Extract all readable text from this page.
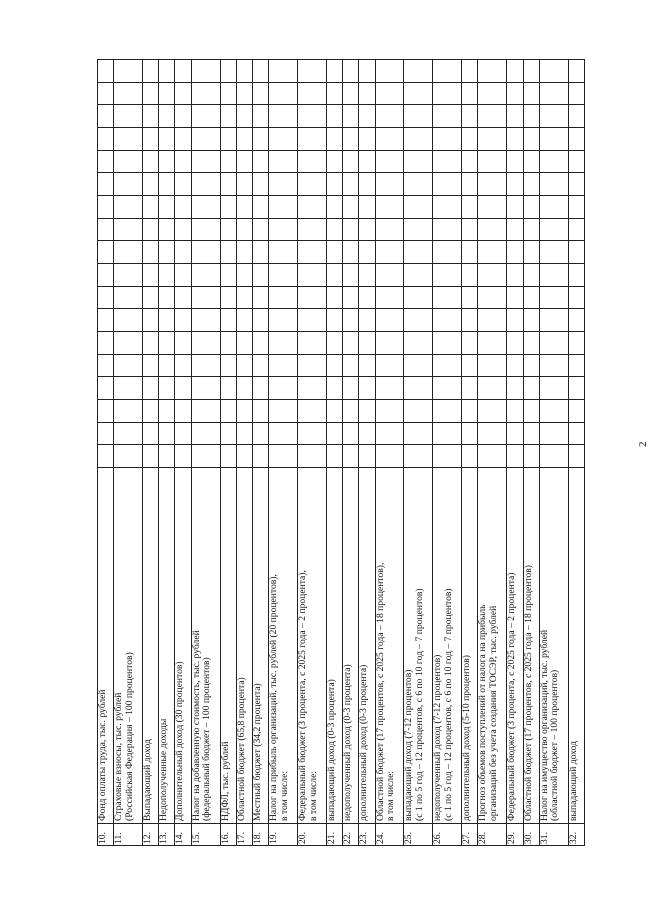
2
10.	Фонд оплаты труда, тыс. рублей																		

11.	Страховые взносы, тыс. рублей (Российская Федерация – 100 процентов)																		

12.	Выпадающий доход																		

13.	Недополученные доходы																		

14.	Дополнительный доход (30 процентов)																		

15.	Налог на добавленную стоимость, тыс. рублей (федеральный бюджет – 100 процентов)																		

16.	НДФЛ, тыс. рублей																		

17.	Областной бюджет (65,8 процента)																		

18.	Местный бюджет (34,2 процента)																		

19.	Налог на прибыль организаций, тыс. рублей (20 процентов), в том числе:																		

20.	Федеральный бюджет (3 процента, с 2025 года – 2 процента), в том числе:																		

21.	выпадающий доход (0-3 процента)																		

22.	недополученный доход (0-3 процента)																		

23.	дополнительный доход (0-3 процента)																		

24.	Областной бюджет (17 процентов, с 2025 года – 18 процентов), в том числе:																		

25.	выпадающий доход (7-12 процентов) (с 1 по 5 год – 12 процентов, с 6 по 10 год – 7 процентов)																		

26.	недополученный доход (7-12 процентов) (с 1 по 5 год – 12 процентов, с 6 по 10 год – 7 процентов)																		

27.	дополнительный доход (5-10 процентов)																		

28.	Прогноз объемов поступлений от налога на прибыль организаций без учета создания ТОСЭР, тыс. рублей																		

29.	Федеральный бюджет (3 процента, с 2025 года – 2 процента)																		

30.	Областной бюджет (17 процентов, с 2025 года – 18 процентов)																		

31.	Налог на имущество организаций, тыс. рублей (областной бюджет – 100 процентов)																		

32.	выпадающий доход																		
